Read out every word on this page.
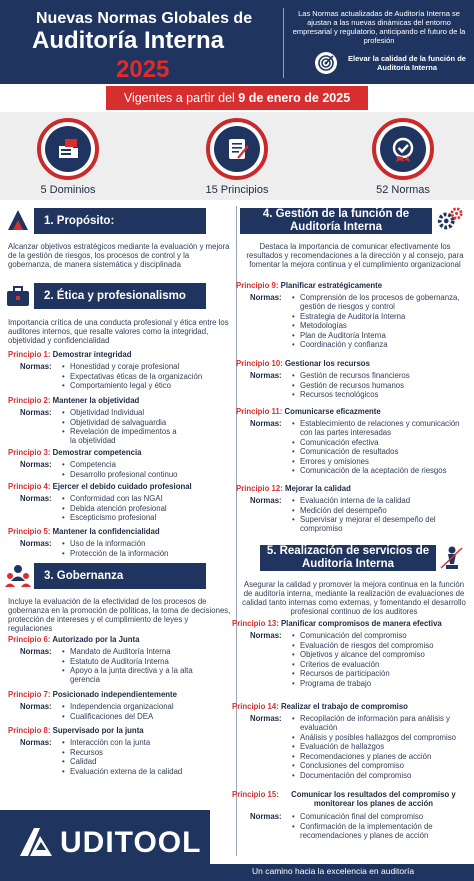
Nuevas Normas Globales de
Auditoría Interna
2025
Las Normas actualizadas de Auditoría Interna se ajustan a las nuevas dinámicas del entorno empresarial y regulatorio, anticipando el futuro de la profesión
Elevar la calidad de la función de Auditoría Interna
Vigentes a partir del 9 de enero de 2025
5 Dominios	15 Principios	52 Normas
1. Propósito:
Alcanzar objetivos estratégicos mediante la evaluación y mejora de la gestión de riesgos, los procesos de control y la gobernanza, de manera sistemática y disciplinada
2. Ética y profesionalismo
Importancia crítica de una conducta profesional y ética entre los auditores internos, que resalte valores como la integridad, objetividad y confidencialidad
Principio 1: Demostrar integridad
Normas:	• Honestidad y coraje profesional
• Expectativas éticas de la organización
• Comportamiento legal y ético
Principio 2: Mantener la objetividad
Normas:	• Objetividad Individual
• Objetividad de salvaguardia
• Revelación de impedimentos a la objetividad
Principio 3: Demostrar competencia
Normas:	• Competencia
• Desarrollo profesional continuo
Principio 4: Ejercer el debido cuidado profesional
Normas:	• Conformidad con las NGAI
• Debida atención profesional
• Escepticismo profesional
Principio 5: Mantener la confidencialidad
Normas:	• Uso de la información
• Protección de la información
3. Gobernanza
Incluye la evaluación de la efectividad de los procesos de gobernanza en la promoción de políticas, la toma de decisiones, protección de intereses y el cumplimiento de leyes y regulaciones
Principio 6: Autorizado por la Junta
Normas:	• Mandato de Auditoría Interna
• Estatuto de Auditoría Interna
• Apoyo a la junta directiva y a la alta gerencia
Principio 7: Posicionado independientemente
Normas:	• Independencia organizacional
• Cualificaciones del DEA
Principio 8: Supervisado por la junta
Normas:	• Interacción con la junta
• Recursos
• Calidad
• Evaluación externa de la calidad
4. Gestión de la función de Auditoría Interna
Destaca la importancia de comunicar efectivamente los resultados y recomendaciones a la dirección y al consejo, para fomentar la mejora continua y el cumplimiento organizacional
Principio 9: Planificar estratégicamente
Normas:	• Comprensión de los procesos de gobernanza, gestión de riesgos y control
• Estrategia de Auditoría Interna
• Metodologías
• Plan de Auditoría Interna
• Coordinación y confianza
Principio 10: Gestionar los recursos
Normas:	• Gestión de recursos financieros
• Gestión de recursos humanos
• Recursos tecnológicos
Principio 11: Comunicarse eficazmente
Normas:	• Establecimiento de relaciones y comunicación con las partes interesadas
• Comunicación efectiva
• Comunicación de resultados
• Errores y omisiones
• Comunicación de la aceptación de riesgos
Principio 12: Mejorar la calidad
Normas:	• Evaluación interna de la calidad
• Medición del desempeño
• Supervisar y mejorar el desempeño del compromiso
5. Realización de servicios de Auditoría Interna
Asegurar la calidad y promover la mejora continua en la función de auditoría interna, mediante la realización de evaluaciones de calidad tanto internas como externas, y fomentando el desarrollo profesional continuo de los auditores
Principio 13: Planificar compromisos de manera efectiva
Normas:	• Comunicación del compromiso
• Evaluación de riesgos del compromiso
• Objetivos y alcance del compromiso
• Criterios de evaluación
• Recursos de participación
• Programa de trabajo
Principio 14: Realizar el trabajo de compromiso
Normas:	• Recopilación de información para análisis y evaluación
• Análisis y posibles hallazgos del compromiso
• Evaluación de hallazgos
• Recomendaciones y planes de acción
• Conclusiones del compromiso
• Documentación del compromiso
Principio 15:	Comunicar los resultados del compromiso y monitorear los planes de acción
Normas:	• Comunicación final del compromiso
• Confirmación de la implementación de recomendaciones y planes de acción
UDITOOL
Un camino hacia la excelencia en auditoría
